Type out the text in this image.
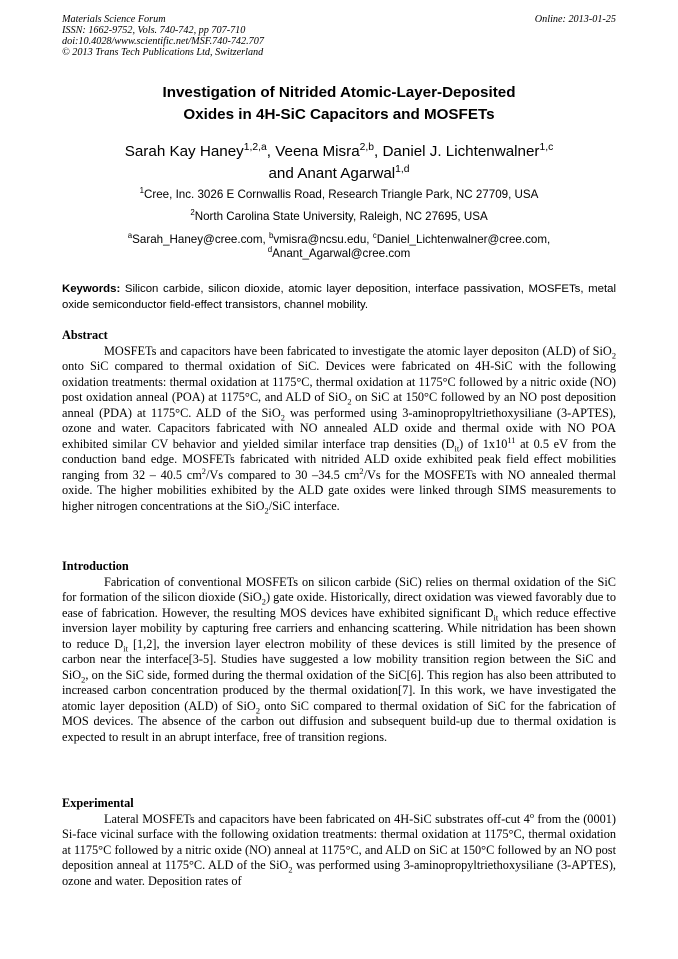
Materials Science Forum
ISSN: 1662-9752, Vols. 740-742, pp 707-710
doi:10.4028/www.scientific.net/MSF.740-742.707
© 2013 Trans Tech Publications Ltd, Switzerland
Online: 2013-01-25
Investigation of Nitrided Atomic-Layer-Deposited
Oxides in 4H-SiC Capacitors and MOSFETs
Sarah Kay Haney$^{1,2,a}$, Veena Misra$^{2,b}$, Daniel J. Lichtenwalner$^{1,c}$
and Anant Agarwal$^{1,d}$
$^1$Cree, Inc. 3026 E Cornwallis Road, Research Triangle Park, NC 27709, USA
$^2$North Carolina State University, Raleigh, NC 27695, USA
$^a$Sarah_Haney@cree.com, $^b$vmisra@ncsu.edu, $^c$Daniel_Lichtenwalner@cree.com,
$^d$Anant_Agarwal@cree.com
Keywords: Silicon carbide, silicon dioxide, atomic layer deposition, interface passivation, MOSFETs, metal oxide semiconductor field-effect transistors, channel mobility.
Abstract

MOSFETs and capacitors have been fabricated to investigate the atomic layer depositon (ALD) of SiO$_2$ onto SiC compared to thermal oxidation of SiC. Devices were fabricated on 4H-SiC with the following oxidation treatments: thermal oxidation at 1175°C, thermal oxidation at 1175°C followed by a nitric oxide (NO) post oxidation anneal (POA) at 1175°C, and ALD of SiO$_2$ on SiC at 150°C followed by an NO post deposition anneal (PDA) at 1175°C. ALD of the SiO$_2$ was performed using 3-aminopropyltriethoxysiliane (3-APTES), ozone and water. Capacitors fabricated with NO annealed ALD oxide and thermal oxide with NO POA exhibited similar CV behavior and yielded similar interface trap densities $(D_{it})$ of $1x10^{11}$ at 0.5 eV from the conduction band edge. MOSFETs fabricated with nitrided ALD oxide exhibited peak field effect mobilities ranging from 32 – 40.5 $cm^2/Vs$ compared to 30 –34.5 $cm^2/Vs$ for the MOSFETs with NO annealed thermal oxide. The higher mobilities exhibited by the ALD gate oxides were linked through SIMS measurements to higher nitrogen concentrations at the SiO$_2$/SiC interface.

Introduction

Fabrication of conventional MOSFETs on silicon carbide (SiC) relies on thermal oxidation of the SiC for formation of the silicon dioxide (SiO$_2$) gate oxide. Historically, direct oxidation was viewed favorably due to ease of fabrication. However, the resulting MOS devices have exhibited significant $D_{it}$ which reduce effective inversion layer mobility by capturing free carriers and enhancing scattering. While nitridation has been shown to reduce $D_{it}$ [1,2], the inversion layer electron mobility of these devices is still limited by the presence of carbon near the interface[3-5]. Studies have suggested a low mobility transition region between the SiC and SiO$_2$, on the SiC side, formed during the thermal oxidation of the SiC[6]. This region has also been attributed to increased carbon concentration produced by the thermal oxidation[7]. In this work, we have investigated the atomic layer deposition (ALD) of SiO$_2$ onto SiC compared to thermal oxidation of SiC for the fabrication of MOS devices. The absence of the carbon out diffusion and subsequent build-up due to thermal oxidation is expected to result in an abrupt interface, free of transition regions.

Experimental

Lateral MOSFETs and capacitors have been fabricated on 4H-SiC substrates off-cut 4$^o$ from the (0001) Si-face vicinal surface with the following oxidation treatments: thermal oxidation at 1175°C, thermal oxidation at 1175°C followed by a nitric oxide (NO) anneal at 1175°C, and ALD on SiC at 150°C followed by an NO post deposition anneal at 1175°C. ALD of the SiO$_2$ was performed using 3-aminopropyltriethoxysiliane (3-APTES), ozone and water. Deposition rates of
